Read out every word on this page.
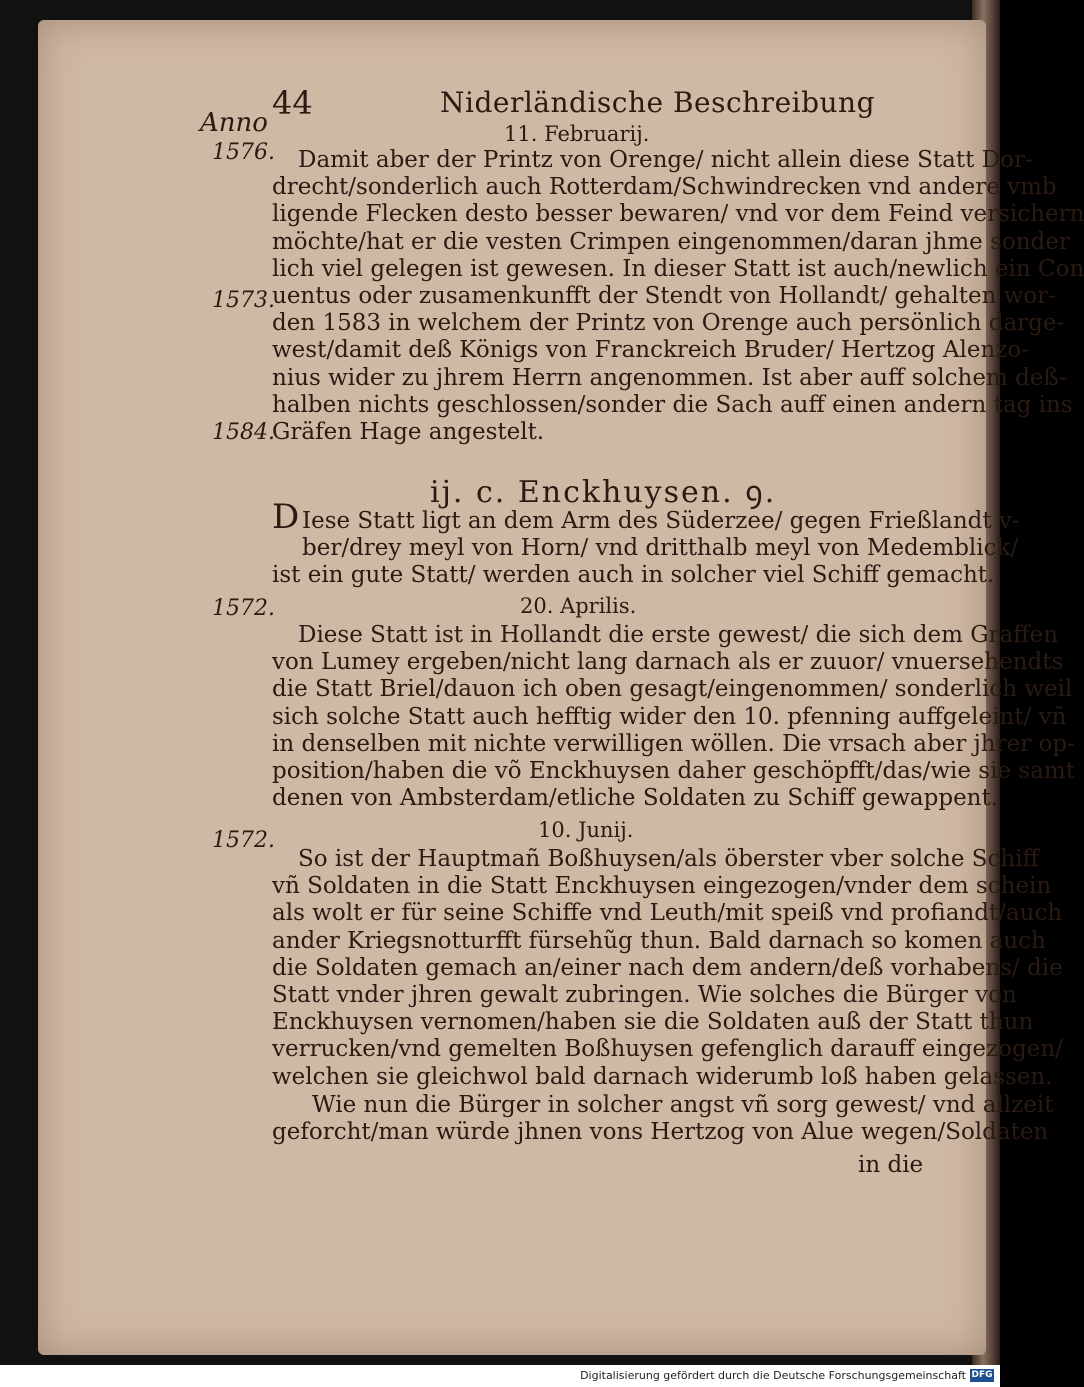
Anno
44	Niderländische Beschreibung
1576.
1573.
1584.
1572.
1572.
11. Februarij.
Damit aber der Printz von Orenge/ nicht allein diese Statt Dor-
drecht/sonderlich auch Rotterdam/Schwindrecken vnd andere vmb
ligende Flecken desto besser bewaren/ vnd vor dem Feind versichern
möchte/hat er die vesten Crimpen eingenommen/daran jhme sonder
lich viel gelegen ist gewesen. In dieser Statt ist auch/newlich ein Con
uentus oder zusamenkunfft der Stendt von Hollandt/ gehalten wor-
den 1583 in welchem der Printz von Orenge auch persönlich darge-
west/damit deß Königs von Franckreich Bruder/ Hertzog Alenzo-
nius wider zu jhrem Herrn angenommen. Ist aber auff solchem deß-
halben nichts geschlossen/sonder die Sach auff einen andern tag ins
Gräfen Hage angestelt.
ij. c. Enckhuysen. ꝯ.
D Iese Statt ligt an dem Arm des Süderzee/ gegen Frießlandt v-
ber/drey meyl von Horn/ vnd dritthalb meyl von Medemblick/
ist ein gute Statt/ werden auch in solcher viel Schiff gemacht.
20. Aprilis.
Diese Statt ist in Hollandt die erste gewest/ die sich dem Graffen
von Lumey ergeben/nicht lang darnach als er zuuor/ vnuersehendts
die Statt Briel/dauon ich oben gesagt/eingenommen/ sonderlich weil
sich solche Statt auch hefftig wider den 10. pfenning auffgeleint/ vñ
in denselben mit nichte verwilligen wöllen. Die vrsach aber jhrer op-
position/haben die võ Enckhuysen daher geschöpfft/das/wie sie samt
denen von Ambsterdam/etliche Soldaten zu Schiff gewappent.
10. Junij.
So ist der Hauptmañ Boßhuysen/als öberster vber solche Schiff
vñ Soldaten in die Statt Enckhuysen eingezogen/vnder dem schein
als wolt er für seine Schiffe vnd Leuth/mit speiß vnd profiandt/auch
ander Kriegsnotturfft fürsehũg thun. Bald darnach so komen auch
die Soldaten gemach an/einer nach dem andern/deß vorhabens/ die
Statt vnder jhren gewalt zubringen. Wie solches die Bürger von
Enckhuysen vernomen/haben sie die Soldaten auß der Statt thun
verrucken/vnd gemelten Boßhuysen gefenglich darauff eingezogen/
welchen sie gleichwol bald darnach widerumb loß haben gelassen.
Wie nun die Bürger in solcher angst vñ sorg gewest/ vnd allzeit
geforcht/man würde jhnen vons Hertzog von Alue wegen/Soldaten
in die
Digitalisierung gefördert durch die Deutsche Forschungsgemeinschaft DFG
